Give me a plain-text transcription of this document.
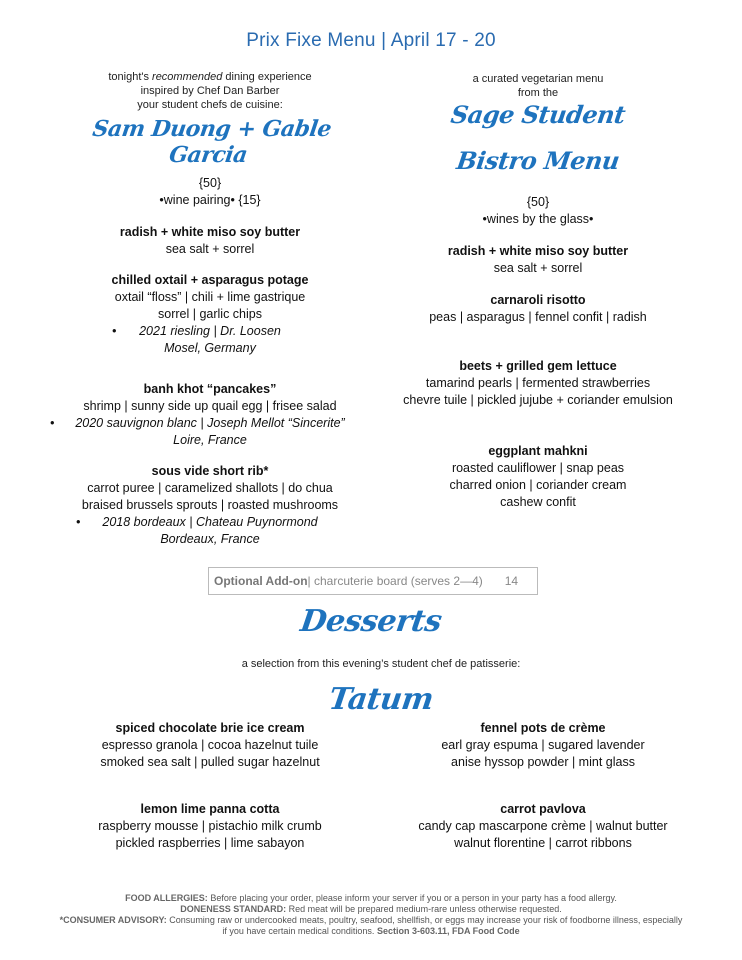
Prix Fixe Menu | April 17 - 20
tonight's recommended dining experience
inspired by Chef Dan Barber
your student chefs de cuisine:
Sam Duong + Gable Garcia
{50}
•wine pairing• {15}
radish + white miso soy butter
sea salt + sorrel
chilled oxtail + asparagus potage
oxtail “floss” | chili + lime gastrique
sorrel | garlic chips
• 2021 riesling | Dr. Loosen
Mosel, Germany
banh khot “pancakes”
shrimp | sunny side up quail egg | frisee salad
• 2020 sauvignon blanc | Joseph Mellot “Sincerite”
Loire, France
sous vide short rib*
carrot puree | caramelized shallots | do chua
braised brussels sprouts | roasted mushrooms
• 2018 bordeaux | Chateau Puynormond
Bordeaux, France
a curated vegetarian menu
from the
Sage Student
Bistro Menu
{50}
•wines by the glass•
radish + white miso soy butter
sea salt + sorrel
carnaroli risotto
peas | asparagus | fennel confit | radish
beets + grilled gem lettuce
tamarind pearls | fermented strawberries
chevre tuile | pickled jujube + coriander emulsion
eggplant mahkni
roasted cauliflower | snap peas
charred onion | coriander cream
cashew confit
Optional Add-on | charcuterie board (serves 2—4) 14
Desserts
a selection from this evening’s student chef de patisserie:
Tatum
spiced chocolate brie ice cream
espresso granola | cocoa hazelnut tuile
smoked sea salt | pulled sugar hazelnut
fennel pots de crème
earl gray espuma | sugared lavender
anise hyssop powder | mint glass
lemon lime panna cotta
raspberry mousse | pistachio milk crumb
pickled raspberries | lime sabayon
carrot pavlova
candy cap mascarpone crème | walnut butter
walnut florentine | carrot ribbons
FOOD ALLERGIES: Before placing your order, please inform your server if you or a person in your party has a food allergy.
DONENESS STANDARD: Red meat will be prepared medium-rare unless otherwise requested.
*CONSUMER ADVISORY: Consuming raw or undercooked meats, poultry, seafood, shellfish, or eggs may increase your risk of foodborne illness, especially
if you have certain medical conditions. Section 3-603.11, FDA Food Code
